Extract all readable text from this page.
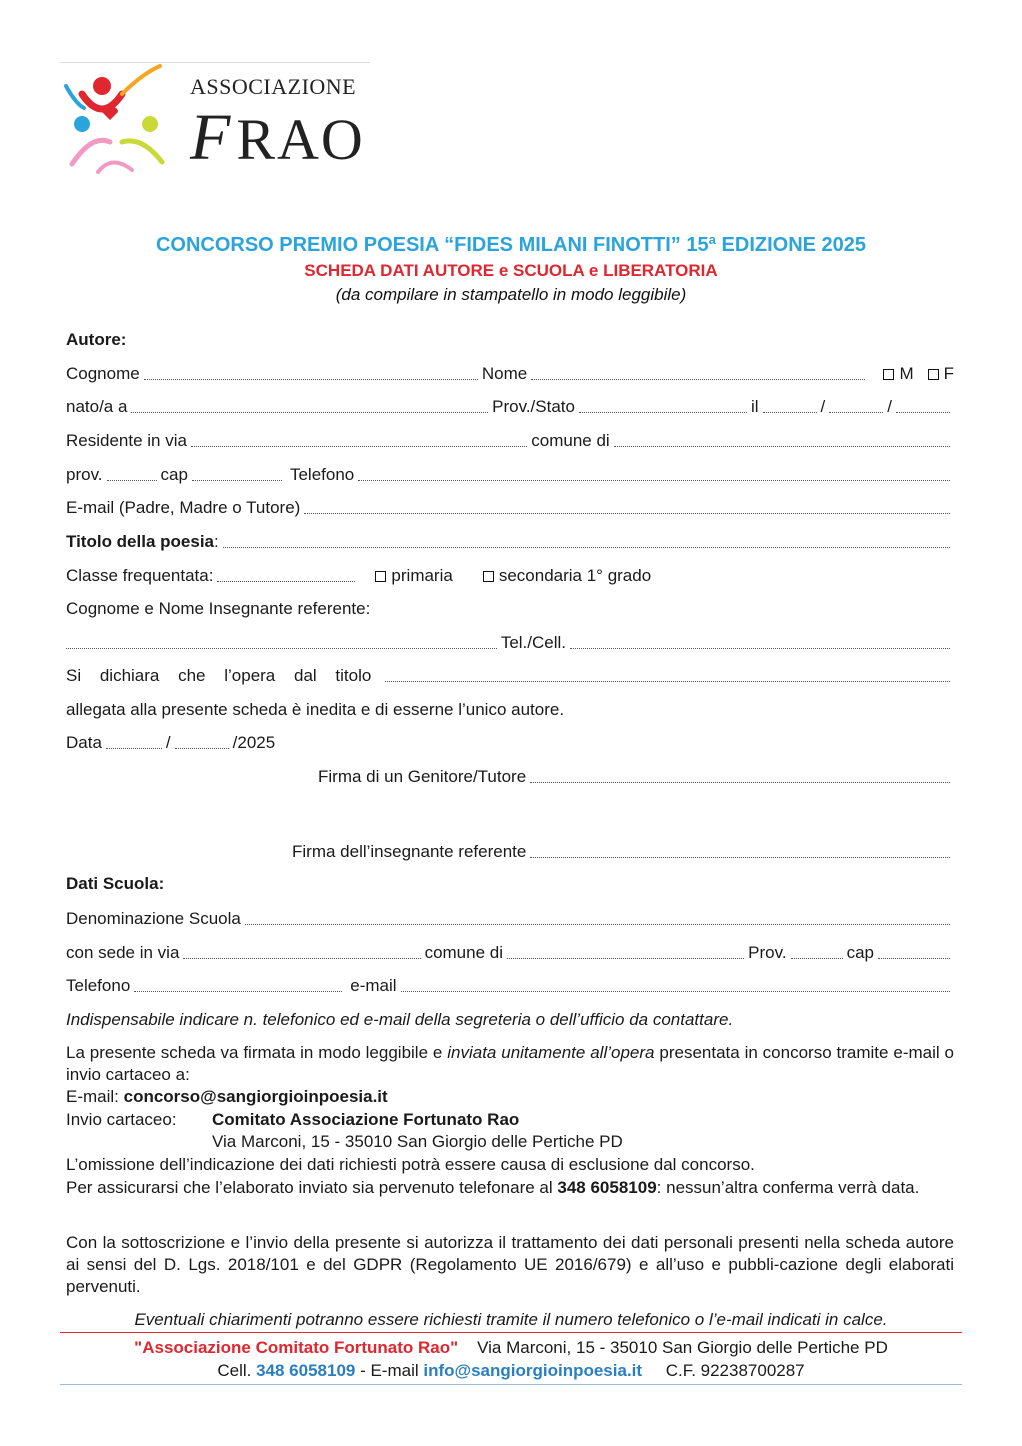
ASSOCIAZIONE
FRAO
CONCORSO PREMIO POESIA “FIDES MILANI FINOTTI” 15ª EDIZIONE 2025
SCHEDA DATI AUTORE e SCUOLA e LIBERATORIA
(da compilare in stampatello in modo leggibile)
Autore:
Cognome	Nome	M F
nato/a a	Prov./Stato	il	/	/
Residente in via	comune di
prov.	cap	Telefono
E-mail (Padre, Madre o Tutore)
Titolo della poesia :
Classe frequentata:	primaria	secondaria 1° grado
Cognome e Nome Insegnante referente:
Tel./Cell.
Si dichiara che l’opera dal titolo
allegata alla presente scheda è inedita e di esserne l’unico autore.
Data	/	/2025
Firma di un Genitore/Tutore
Firma dell’insegnante referente
Dati Scuola:
Denominazione Scuola
con sede in via	comune di	Prov.	cap
Telefono	e-mail
Indispensabile indicare n. telefonico ed e-mail della segreteria o dell’ufficio da contattare.
La presente scheda va firmata in modo leggibile e inviata unitamente all’opera presentata in concorso tramite e-mail o invio cartaceo a:
E-mail: concorso@sangiorgioinpoesia.it
Invio cartaceo: Comitato Associazione Fortunato Rao
Via Marconi, 15 - 35010 San Giorgio delle Pertiche PD
L’omissione dell’indicazione dei dati richiesti potrà essere causa di esclusione dal concorso.
Per assicurarsi che l’elaborato inviato sia pervenuto telefonare al 348 6058109: nessun’altra conferma verrà data.
Con la sottoscrizione e l’invio della presente si autorizza il trattamento dei dati personali presenti nella scheda autore ai sensi del D. Lgs. 2018/101 e del GDPR (Regolamento UE 2016/679) e all’uso e pubbli-cazione degli elaborati pervenuti.
Eventuali chiarimenti potranno essere richiesti tramite il numero telefonico o l’e-mail indicati in calce.
"Associazione Comitato Fortunato Rao" Via Marconi, 15 - 35010 San Giorgio delle Pertiche PD
Cell. 348 6058109 - E-mail info@sangiorgioinpoesia.it C.F. 92238700287
